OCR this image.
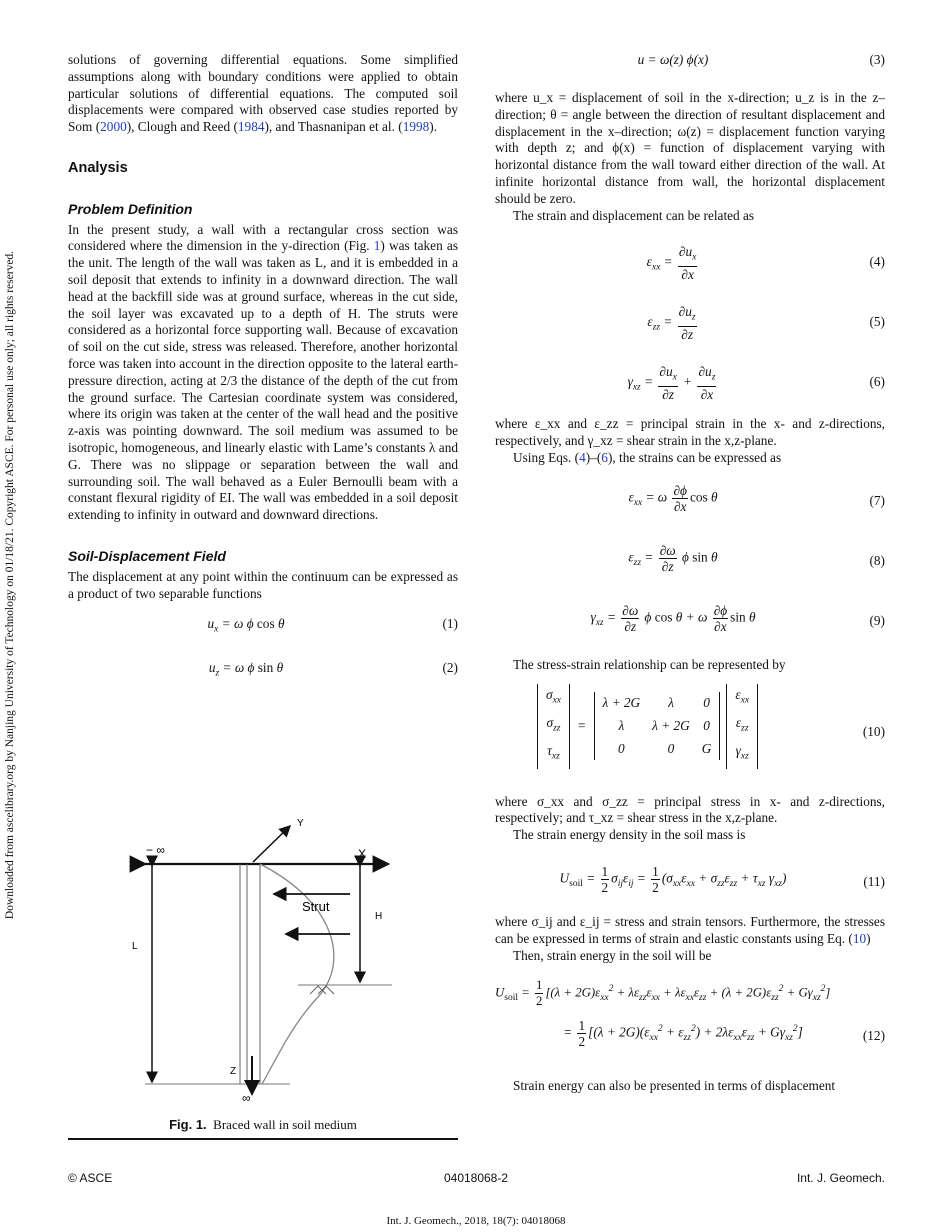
Downloaded from ascelibrary.org by Nanjing University of Technology on 01/18/21. Copyright ASCE. For personal use only; all rights reserved.

solutions of governing differential equations. Some simplified assumptions along with boundary conditions were applied to obtain particular solutions of differential equations. The computed soil displacements were compared with observed case studies reported by Som (2000), Clough and Reed (1984), and Thasnanipan et al. (1998).

Analysis
Problem Definition

In the present study, a wall with a rectangular cross section was considered where the dimension in the y-direction (Fig. 1) was taken as the unit. The length of the wall was taken as L, and it is embedded in a soil deposit that extends to infinity in a downward direction. The wall head at the backfill side was at ground surface, whereas in the cut side, the soil layer was excavated up to a depth of H. The struts were considered as a horizontal force supporting wall. Because of excavation of soil on the cut side, stress was released. Therefore, another horizontal force was taken into account in the direction opposite to the lateral earth-pressure direction, acting at 2/3 the distance of the depth of the cut from the ground surface. The Cartesian coordinate system was considered, where its origin was taken at the center of the wall head and the positive z-axis was pointing downward. The soil medium was assumed to be isotropic, homogeneous, and linearly elastic with Lame’s constants λ and G. There was no slippage or separation between the wall and surrounding soil. The wall behaved as a Euler Bernoulli beam with a constant flexural rigidity of EI. The wall was embedded in a soil deposit extending to infinity in outward and downward directions.

Soil-Displacement Field

The displacement at any point within the continuum can be expressed as a product of two separable functions

$u_x = \omega$ ϕ cos θ	(1)
$u_z = \omega$ ϕ sin θ	(2)
Y
X
− ∞
L
Strut
H
Z
∞
Fig. 1. Braced wall in soil medium
u = ω(z) ϕ(x)	(3)

where u_x = displacement of soil in the x-direction; u_z is in the z–direction; θ = angle between the direction of resultant displacement and displacement in the x–direction; ω(z) = displacement function varying with depth z; and ϕ(x) = function of displacement varying with horizontal distance from the wall toward either direction of the wall. At infinite horizontal distance from wall, the horizontal displacement should be zero.

The strain and displacement can be related as

$\varepsilon_{xx} = \frac{\partial u_x}{\partial x}$	(4)
$\varepsilon_{zz} = \frac{\partial u_z}{\partial z}$	(5)
$\gamma_{xz} = \frac{\partial u_x}{\partial z} + \frac{\partial u_z}{\partial x}$	(6)

where ε_xx and ε_zz = principal strain in the x- and z-directions, respectively, and γ_xz = shear strain in the x,z-plane.

Using Eqs. (4)–(6), the strains can be expressed as

$\varepsilon_{xx} = \omega \frac{\partial\phi}{\partial x}$ cos θ	(7)
$\varepsilon_{zz} = \frac{\partial\omega}{\partial z}$ ϕ sin θ	(8)
$\gamma_{xz} = \frac{\partial\omega}{\partial z}$ ϕ cos θ + ω $\frac{\partial\phi}{\partial x}$ sin θ	(9)

The stress-strain relationship can be represented by

$\sigma_{xx}$
$\sigma_{zz}$
$\tau_{xz}$
=
λ + 2G	λ	0
λ	λ + 2G	0
0	0	G
$\varepsilon_{xx}$
$\varepsilon_{zz}$
$\gamma_{xz}$
(10)

where σ_xx and σ_zz = principal stress in x- and z-directions, respectively; and τ_xz = shear stress in the x,z-plane.

The strain energy density in the soil mass is

$U_{soil} = \frac{1}{2} \sigma_{ij}\varepsilon_{ij} = \frac{1}{2} (\sigma_{xx}\varepsilon_{xx} + \sigma_{zz}\varepsilon_{zz} + \tau_{xz}$ $\gamma_{xz}$)	(11)

where σ_ij and ε_ij = stress and strain tensors. Furthermore, the stresses can be expressed in terms of strain and elastic constants using Eq. (10)

Then, strain energy in the soil will be

$U_{soil} = \frac{1}{2} [(\lambda + 2G)\varepsilon_{xx}^2 + \lambda\varepsilon_{zz}\varepsilon_{xx} + \lambda\varepsilon_{xx}\varepsilon_{zz} + (\lambda + 2G)\varepsilon_{zz}^2 + G\gamma_{xz}^2]$
= $\frac{1}{2} [(\lambda + 2G)(\varepsilon_{xx}^2 + \varepsilon_{zz}^2) + 2\lambda\varepsilon_{xx}\varepsilon_{zz} + G\gamma_{xz}^2]$	(12)

Strain energy can also be presented in terms of displacement

© ASCE	04018068-2	Int. J. Geomech.
Int. J. Geomech., 2018, 18(7): 04018068
